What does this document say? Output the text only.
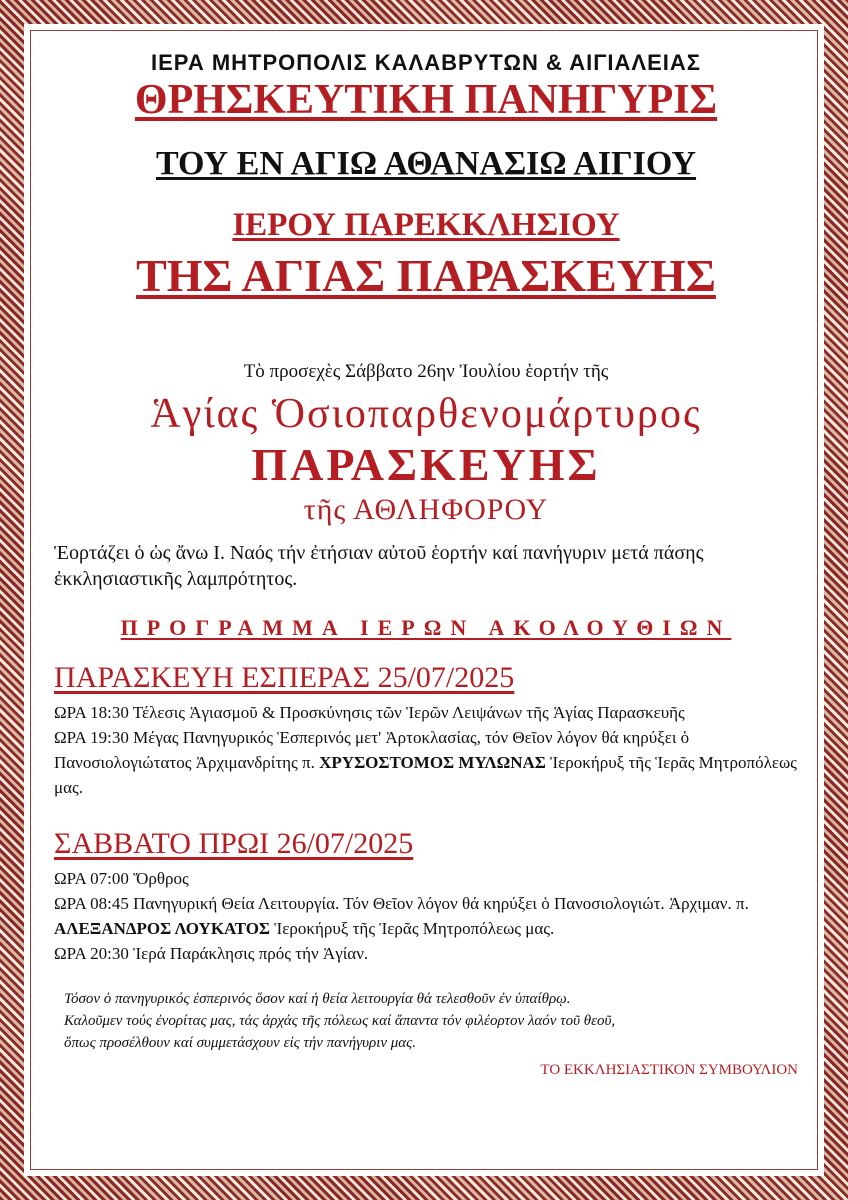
ΙΕΡΑ ΜΗΤΡΟΠΟΛΙΣ ΚΑΛΑΒΡΥΤΩΝ & ΑΙΓΙΑΛΕΙΑΣ
ΘΡΗΣΚΕΥΤΙΚΗ ΠΑΝΗΓΥΡΙΣ
ΤΟΥ ΕΝ ΑΓΙΩ ΑΘΑΝΑΣΙΩ ΑΙΓΙΟΥ
ΙΕΡΟΥ ΠΑΡΕΚΚΛΗΣΙΟΥ
ΤΗΣ ΑΓΙΑΣ ΠΑΡΑΣΚΕΥΗΣ
Τὸ προσεχὲς Σάββατο 26ην Ἰουλίου ἑορτήν τῆς
Ἁγίας Ὁσιοπαρθενομάρτυρος
ΠΑΡΑΣΚΕΥΗΣ
τῆς ΑΘΛΗΦΟΡΟΥ

Ἑορτάζει ὁ ὡς ἄνω Ι. Ναός τήν ἐτήσιαν αὐτοῦ ἑορτήν καί πανήγυριν μετά πάσης ἐκκλησιαστικῆς λαμπρότητος.

ΠΡΟΓΡΑΜΜΑ ΙΕΡΩΝ ΑΚΟΛΟΥΘΙΩΝ
ΠΑΡΑΣΚΕΥΗ ΕΣΠΕΡΑΣ 25/07/2025

ΩΡΑ 18:30 Τέλεσις Ἁγιασμοῦ & Προσκύνησις τῶν Ἱερῶν Λειψάνων τῆς Ἁγίας Παρασκευῆς

ΩΡΑ 19:30 Μέγας Πανηγυρικός Ἑσπερινός μετ' Ἀρτοκλασίας, τόν Θεῖον λόγον θά κηρύξει ὁ Πανοσιολογιώτατος Ἀρχιμανδρίτης π. ΧΡΥΣΟΣΤΟΜΟΣ ΜΥΛΩΝΑΣ Ἱεροκήρυξ τῆς Ἱερᾶς Μητροπόλεως μας.

ΣΑΒΒΑΤΟ ΠΡΩΙ 26/07/2025

ΩΡΑ 07:00 Ὄρθρος

ΩΡΑ 08:45 Πανηγυρική Θεία Λειτουργία. Τόν Θεῖον λόγον θά κηρύξει ὁ Πανοσιολογιώτ. Ἀρχιμαν. π. ΑΛΕΞΑΝΔΡΟΣ ΛΟΥΚΑΤΟΣ Ἱεροκήρυξ τῆς Ἱερᾶς Μητροπόλεως μας.

ΩΡΑ 20:30 Ἱερά Παράκλησις πρός τήν Ἁγίαν.

Τόσον ὁ πανηγυρικός ἑσπερινός ὅσον καί ἡ θεία λειτουργία θά τελεσθοῦν ἐν ὑπαίθρῳ.

Καλοῦμεν τούς ἐνορίτας μας, τάς ἀρχάς τῆς πόλεως καί ἅπαντα τόν φιλέορτον λαόν τοῦ θεοῦ,

ὅπως προσέλθουν καί συμμετάσχουν εἰς τήν πανήγυριν μας.

ΤΟ ΕΚΚΛΗΣΙΑΣΤΙΚΟΝ ΣΥΜΒΟΥΛΙΟΝ
